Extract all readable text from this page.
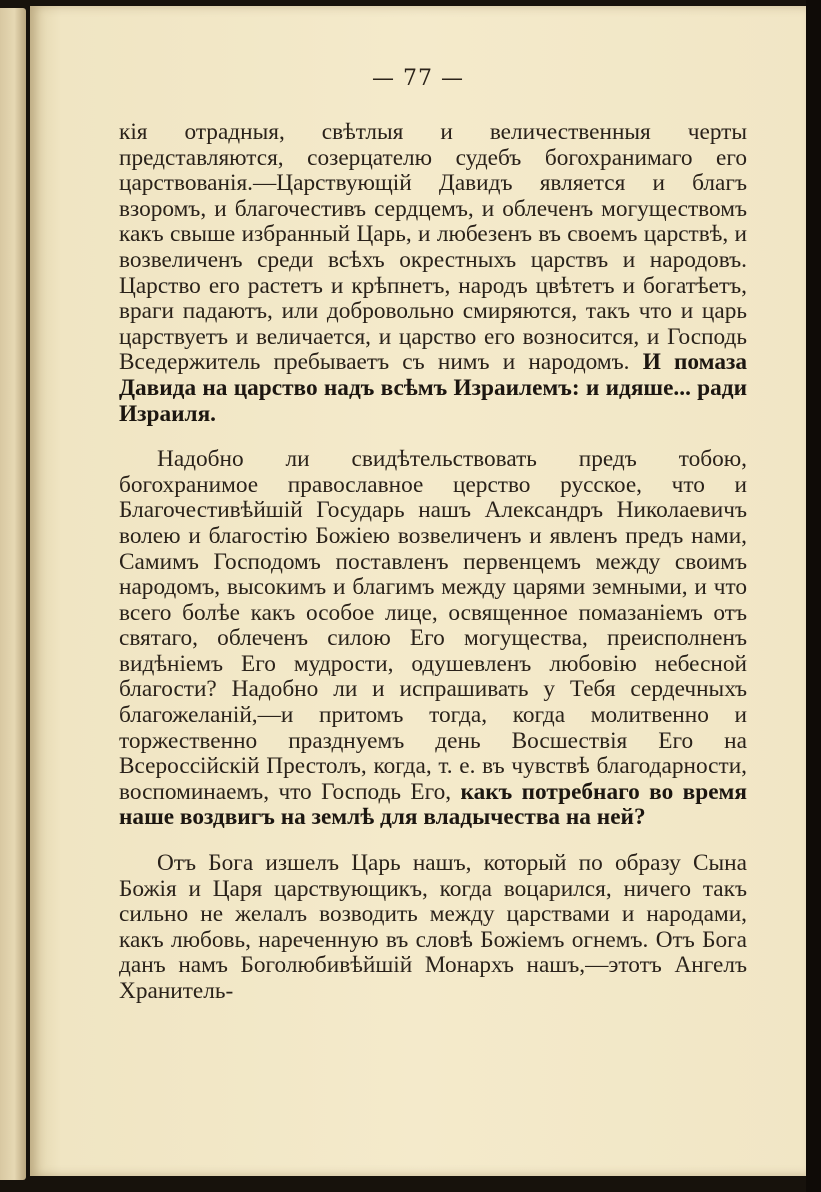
— 77 —

кія отрадныя, свѣтлыя и величественныя черты представляются, созерцателю судебъ богохранимаго его царствованія.—Царствующій Давидъ является и благъ взоромъ, и благочестивъ сердцемъ, и облеченъ могуществомъ какъ свыше избранный Царь, и любезенъ въ своемъ царствѣ, и возвеличенъ среди всѣхъ окрестныхъ царствъ и народовъ. Царство его растетъ и крѣпнетъ, народъ цвѣтетъ и богатѣетъ, враги падаютъ, или добровольно смиряются, такъ что и царь царствуетъ и величается, и царство его возносится, и Господь Вседержитель пребываетъ съ нимъ и народомъ. И помаза Давида на царство надъ всѣмъ Израилемъ: и идяше... ради Израиля.

Надобно ли свидѣтельствовать предъ тобою, богохранимое православное церство русское, что и Благочестивѣйшій Государь нашъ Александръ Николаевичъ волею и благостію Божіею возвеличенъ и явленъ предъ нами, Самимъ Господомъ поставленъ первенцемъ между своимъ народомъ, высокимъ и благимъ между царями земными, и что всего болѣе какъ особое лице, освященное помазаніемъ отъ святаго, облеченъ силою Его могущества, преисполненъ видѣніемъ Его мудрости, одушевленъ любовію небесной благости? Надобно ли и испрашивать у Тебя сердечныхъ благожеланій,—и притомъ тогда, когда молитвенно и торжественно празднуемъ день Восшествія Его на Всероссійскій Престолъ, когда, т. е. въ чувствѣ благодарности, воспоминаемъ, что Господь Его, какъ потребнаго во время наше воздвигъ на землѣ для владычества на ней?

Отъ Бога изшелъ Царь нашъ, который по образу Сына Божія и Царя царствующикъ, когда воцарился, ничего такъ сильно не желалъ возводить между царствами и народами, какъ любовь, нареченную въ словѣ Божіемъ огнемъ. Отъ Бога данъ намъ Боголюбивѣйшій Монархъ нашъ,—этотъ Ангелъ Хранитель-
